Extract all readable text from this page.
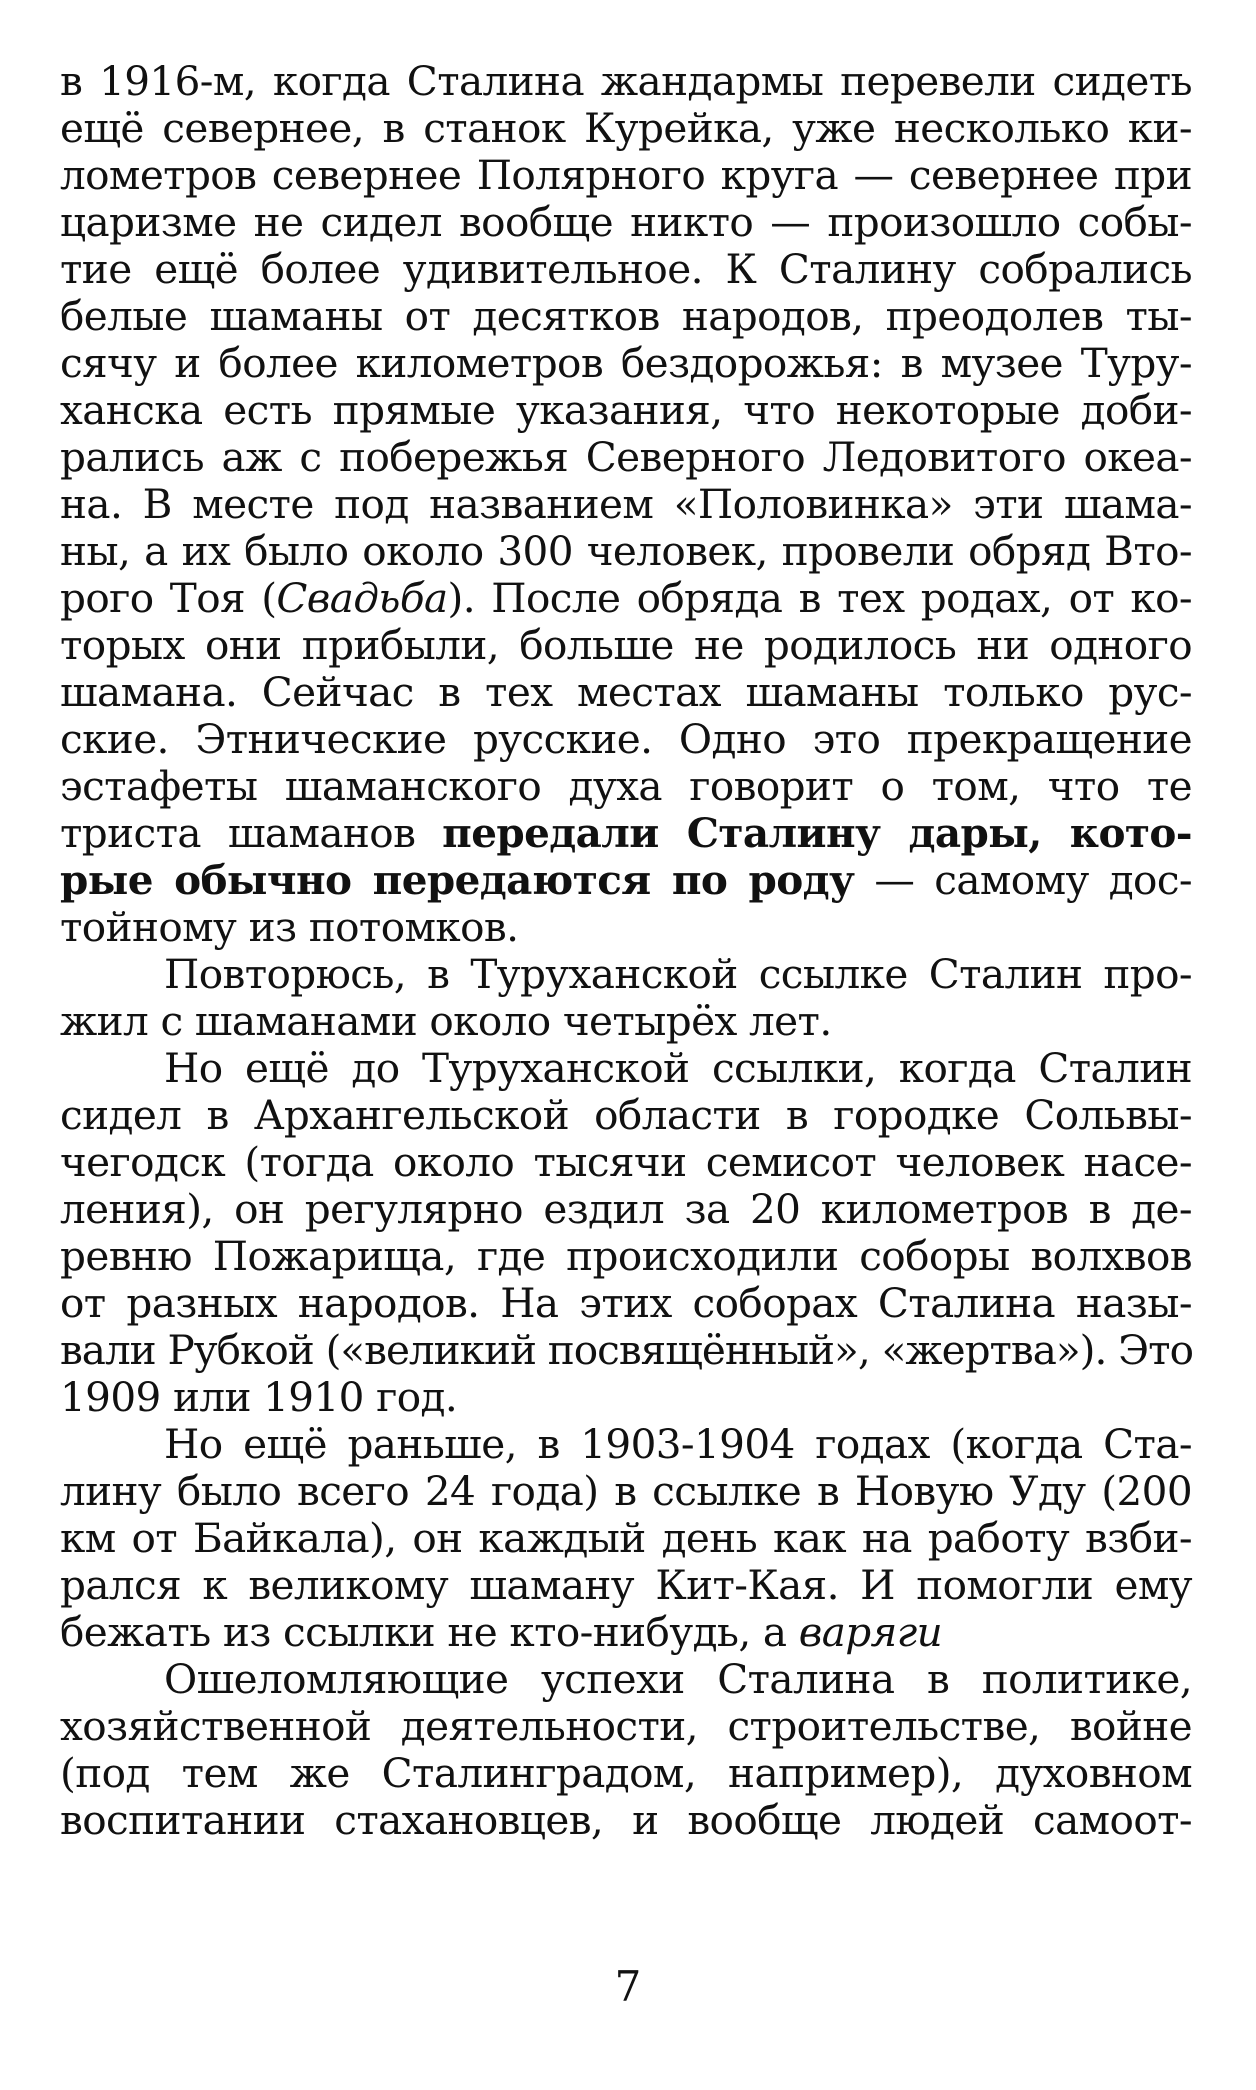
в 1916-м, когда Сталина жандармы перевели сидеть
ещё севернее, в станок Курейка, уже несколько ки-
лометров севернее Полярного круга — севернее при
царизме не сидел вообще никто — произошло собы-
тие ещё более удивительное. К Сталину собрались
белые шаманы от десятков народов, преодолев ты-
сячу и более километров бездорожья: в музее Туру-
ханска есть прямые указания, что некоторые доби-
рались аж с побережья Северного Ледовитого океа-
на. В месте под названием «Половинка» эти шама-
ны, а их было около 300 человек, провели обряд Вто-
рого Тоя (Свадьба). После обряда в тех родах, от ко-
торых они прибыли, больше не родилось ни одного
шамана. Сейчас в тех местах шаманы только рус-
ские. Этнические русские. Одно это прекращение
эстафеты шаманского духа говорит о том, что те
триста шаманов передали Сталину дары, кото-
рые обычно передаются по роду — самому дос-
тойному из потомков.
Повторюсь, в Туруханской ссылке Сталин про-
жил с шаманами около четырёх лет.
Но ещё до Туруханской ссылки, когда Сталин
сидел в Архангельской области в городке Сольвы-
чегодск (тогда около тысячи семисот человек насе-
ления), он регулярно ездил за 20 километров в де-
ревню Пожарища, где происходили соборы волхвов
от разных народов. На этих соборах Сталина назы-
вали Рубкой («великий посвящённый», «жертва»). Это
1909 или 1910 год.
Но ещё раньше, в 1903-1904 годах (когда Ста-
лину было всего 24 года) в ссылке в Новую Уду (200
км от Байкала), он каждый день как на работу взби-
рался к великому шаману Кит-Кая. И помогли ему
бежать из ссылки не кто-нибудь, а варяги
Ошеломляющие успехи Сталина в политике,
хозяйственной деятельности, строительстве, войне
(под тем же Сталинградом, например), духовном
воспитании стахановцев, и вообще людей самоот-
7
